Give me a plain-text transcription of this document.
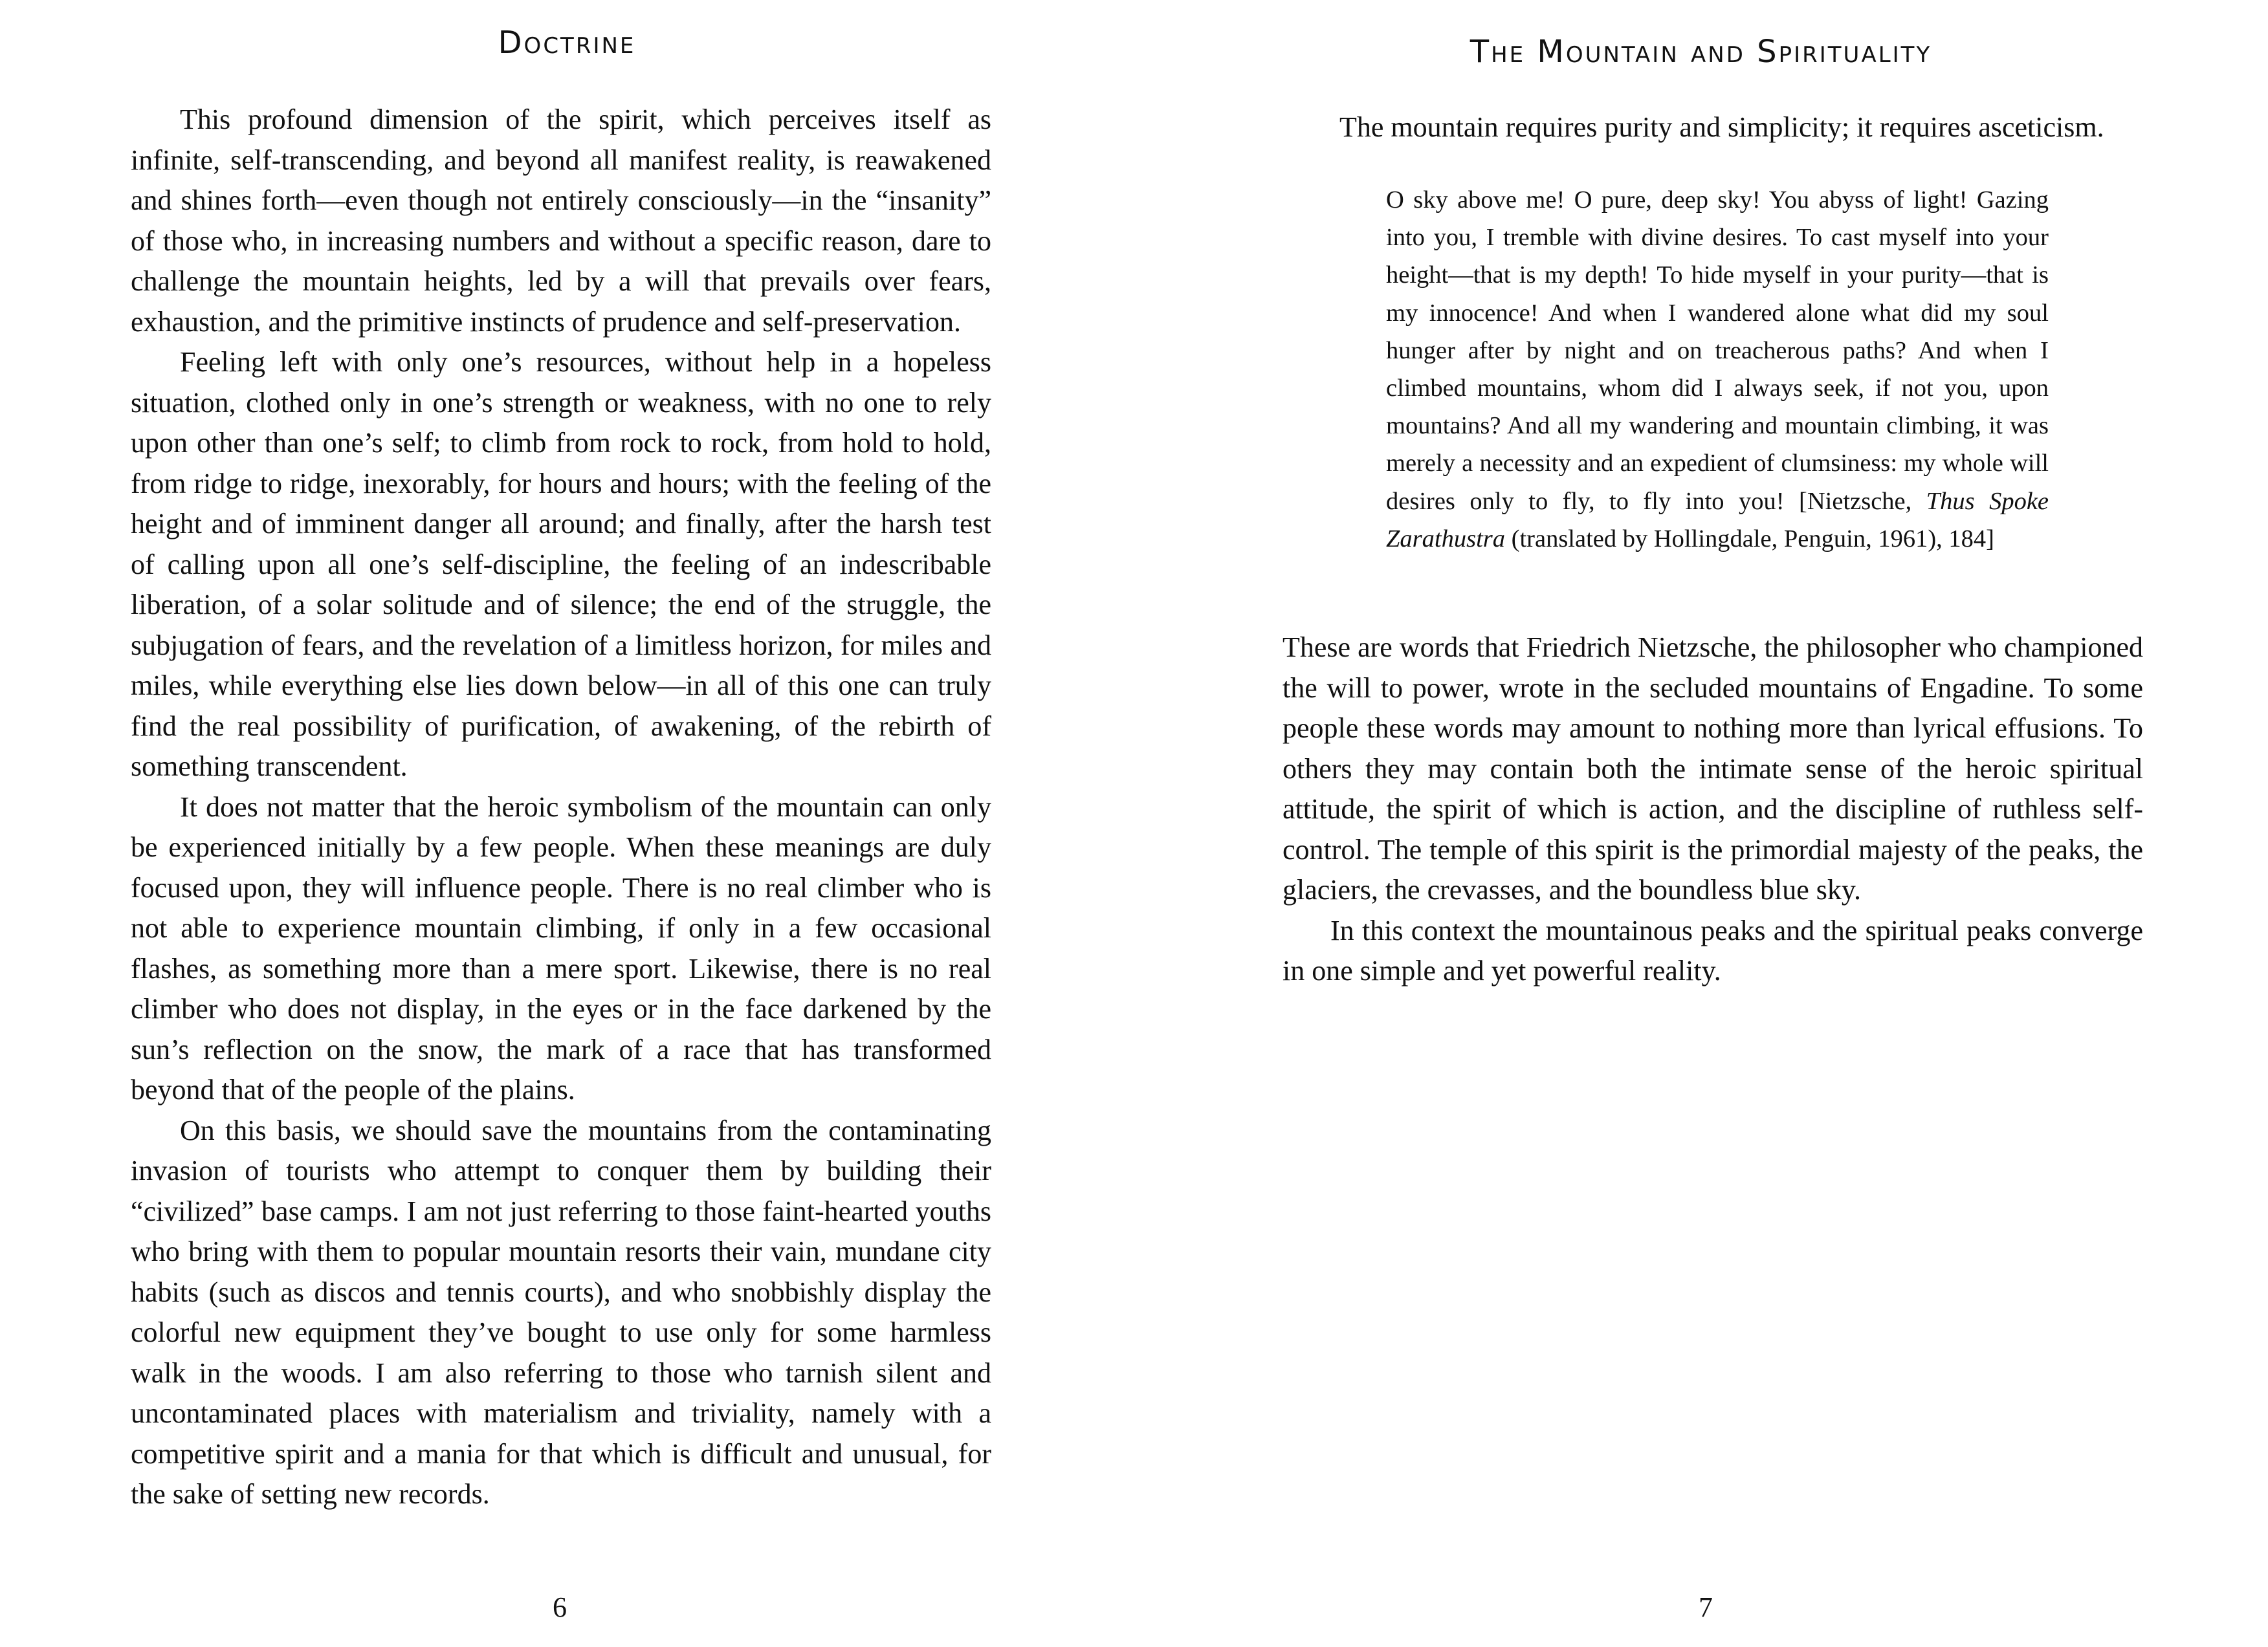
Doctrine

This profound dimension of the spirit, which perceives itself as infinite, self-transcending, and beyond all manifest reality, is reawakened and shines forth—even though not entirely consciously—in the “insanity” of those who, in increasing numbers and without a specific reason, dare to challenge the mountain heights, led by a will that prevails over fears, exhaustion, and the primitive instincts of prudence and self-preservation.

Feeling left with only one’s resources, without help in a hopeless situation, clothed only in one’s strength or weakness, with no one to rely upon other than one’s self; to climb from rock to rock, from hold to hold, from ridge to ridge, inexorably, for hours and hours; with the feeling of the height and of imminent danger all around; and finally, after the harsh test of calling upon all one’s self-discipline, the feeling of an indescribable liberation, of a solar solitude and of silence; the end of the struggle, the subjugation of fears, and the revelation of a limitless horizon, for miles and miles, while everything else lies down below—in all of this one can truly find the real possibility of purification, of awakening, of the rebirth of something transcendent.

It does not matter that the heroic symbolism of the mountain can only be experienced initially by a few people. When these meanings are duly focused upon, they will influence people. There is no real climber who is not able to experience mountain climbing, if only in a few occasional flashes, as something more than a mere sport. Likewise, there is no real climber who does not display, in the eyes or in the face darkened by the sun’s reflection on the snow, the mark of a race that has transformed beyond that of the people of the plains.

On this basis, we should save the mountains from the contaminating invasion of tourists who attempt to conquer them by building their “civilized” base camps. I am not just referring to those faint-hearted youths who bring with them to popular mountain resorts their vain, mundane city habits (such as discos and tennis courts), and who snobbishly display the colorful new equipment they’ve bought to use only for some harmless walk in the woods. I am also referring to those who tarnish silent and uncontaminated places with materialism and triviality, namely with a competitive spirit and a mania for that which is difficult and unusual, for the sake of setting new records.

6
The Mountain and Spirituality
The mountain requires purity and simplicity; it requires asceticism.
O sky above me! O pure, deep sky! You abyss of light! Gazing into you, I tremble with divine desires. To cast myself into your height—that is my depth! To hide myself in your purity—that is my innocence! And when I wandered alone what did my soul hunger after by night and on treacherous paths? And when I climbed mountains, whom did I always seek, if not you, upon mountains? And all my wandering and mountain climbing, it was merely a necessity and an expedient of clumsiness: my whole will desires only to fly, to fly into you! [Nietzsche, Thus Spoke Zarathustra (translated by Hollingdale, Penguin, 1961), 184]

These are words that Friedrich Nietzsche, the philosopher who championed the will to power, wrote in the secluded mountains of Engadine. To some people these words may amount to nothing more than lyrical effusions. To others they may contain both the intimate sense of the heroic spiritual attitude, the spirit of which is action, and the discipline of ruthless self-control. The temple of this spirit is the primordial majesty of the peaks, the glaciers, the crevasses, and the boundless blue sky.

In this context the mountainous peaks and the spiritual peaks converge in one simple and yet powerful reality.

7
